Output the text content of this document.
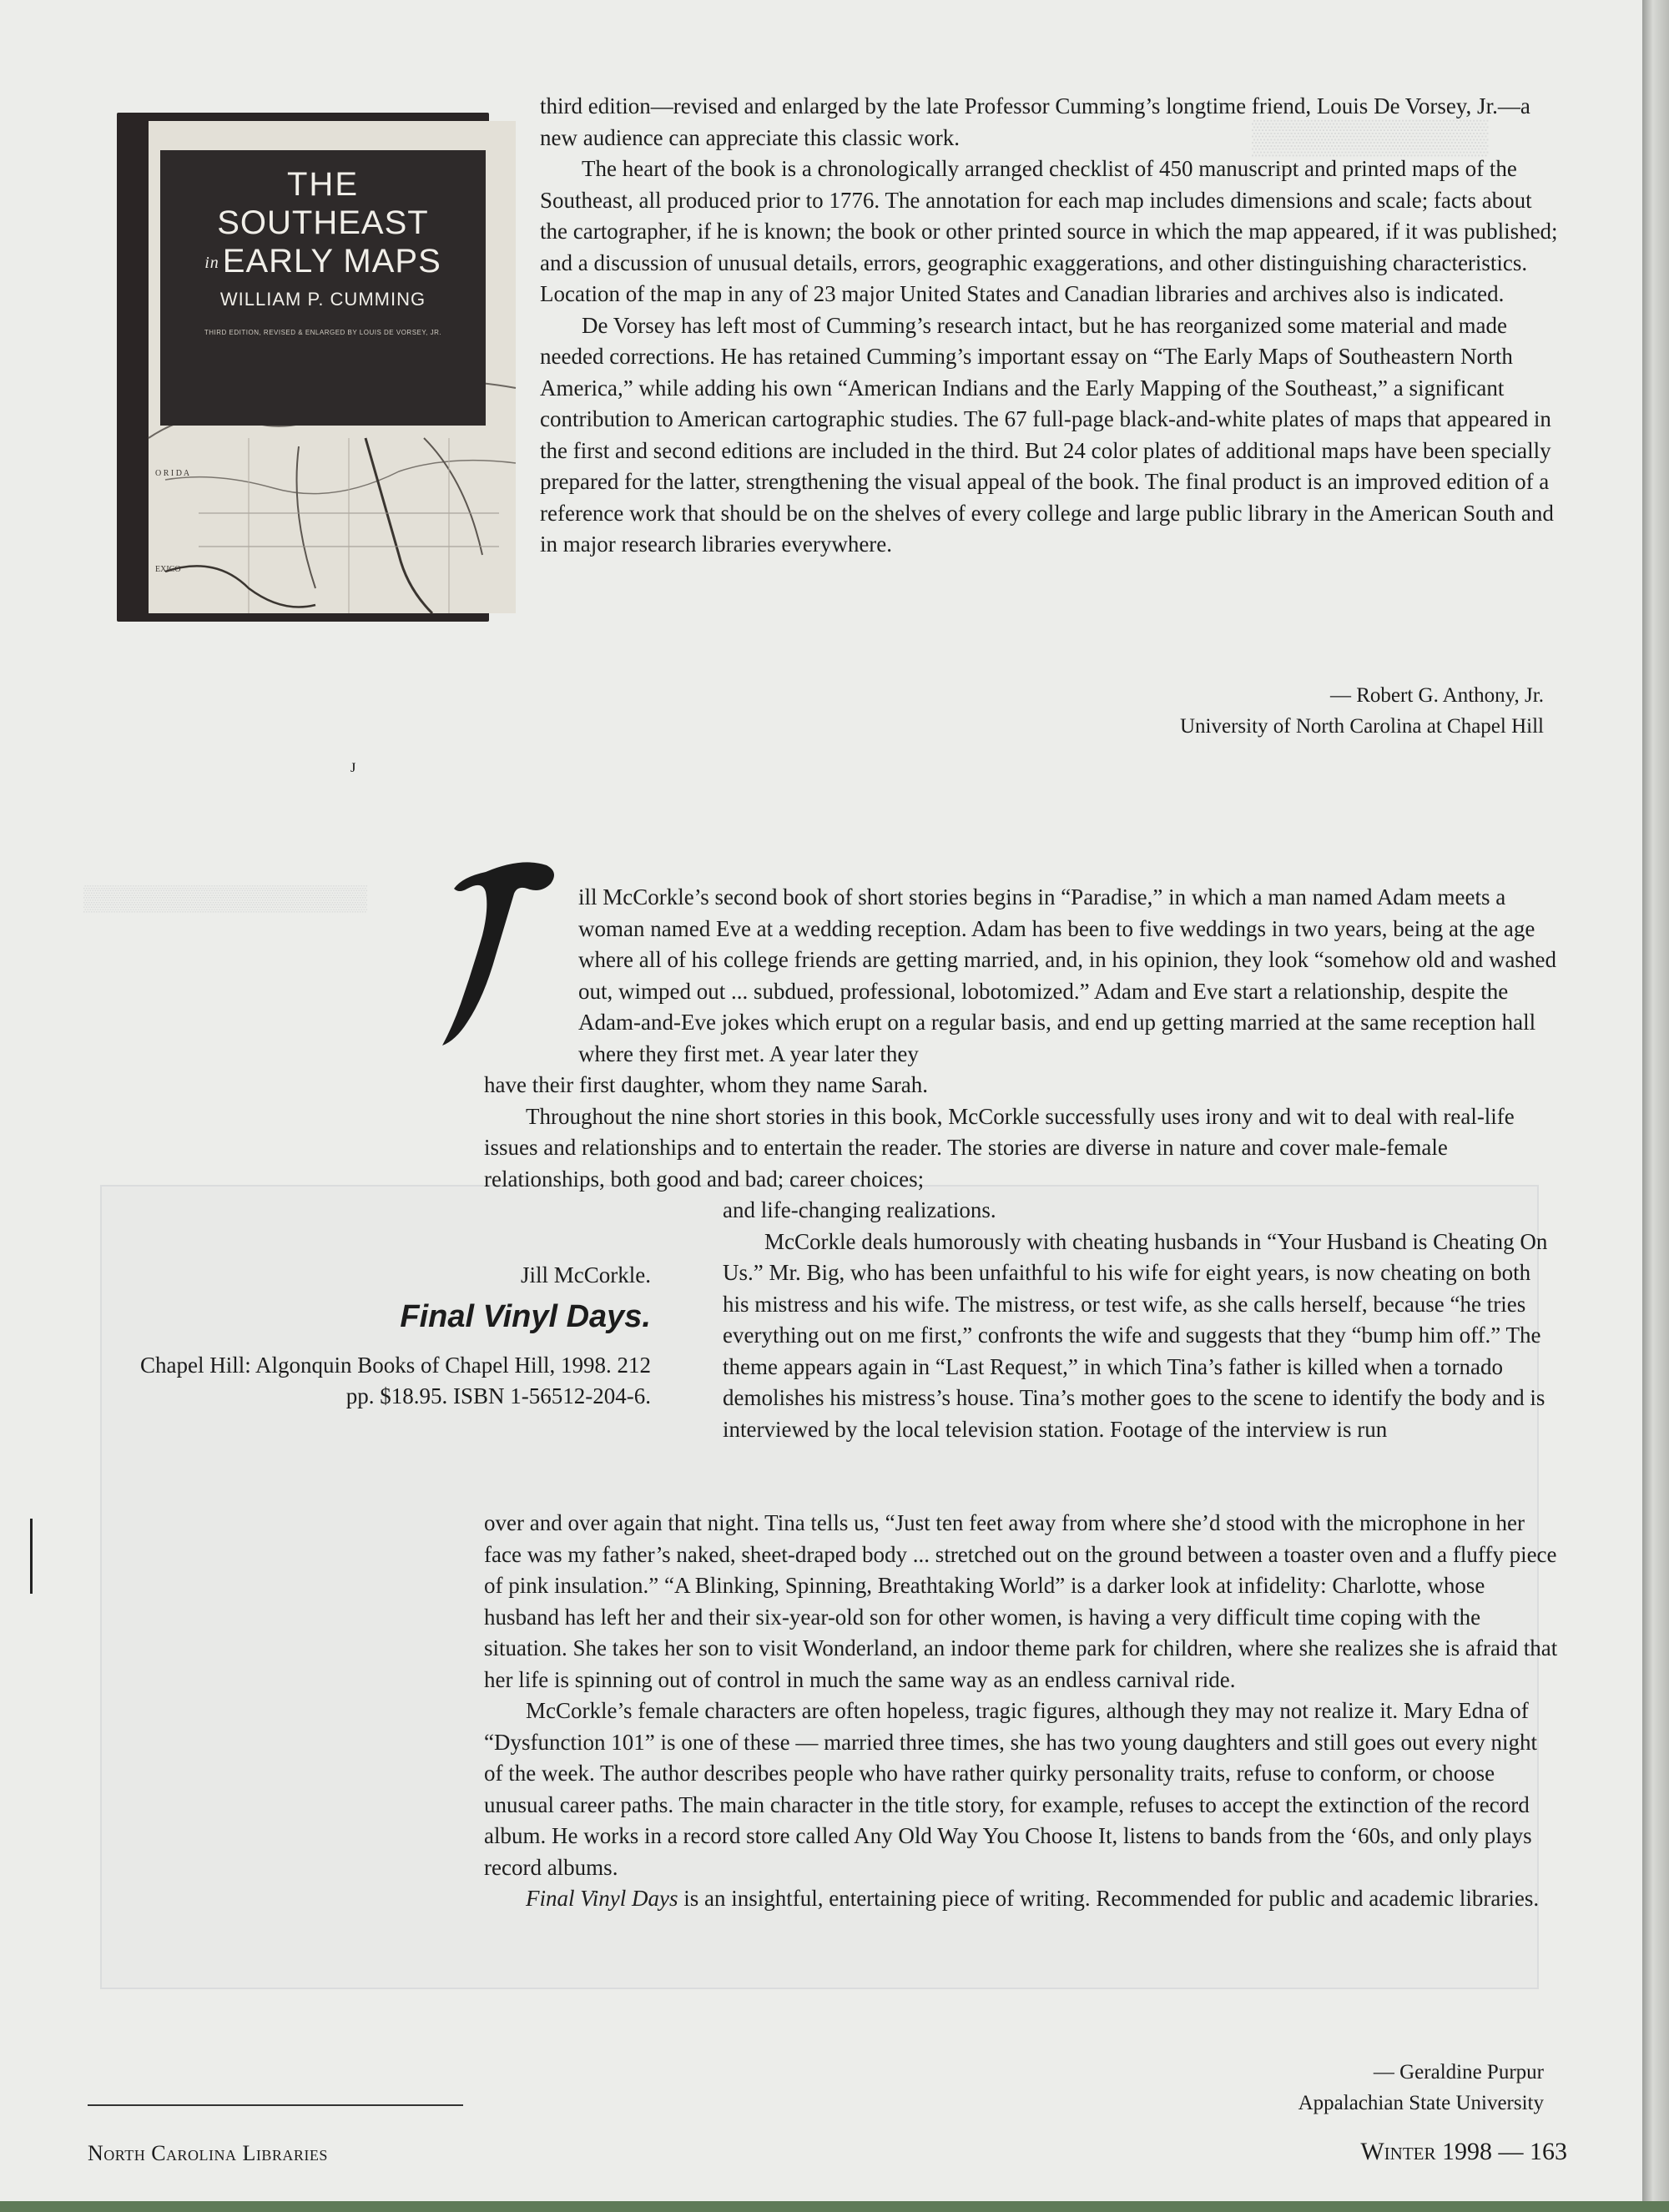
▒▒▒▒▒▒▒▒▒▒
▒▒▒▒▒▒▒▒▒▒▒▒▒▒▒▒
O R I D A
EXICO
THE
SOUTHEAST
in EARLY MAPS
WILLIAM P. CUMMING
THIRD EDITION, REVISED & ENLARGED BY LOUIS DE VORSEY, JR.

third edition—revised and enlarged by the late Professor Cumming’s longtime friend, Louis De Vorsey, Jr.—a new audience can appreciate this classic work.

The heart of the book is a chronologically arranged checklist of 450 manuscript and printed maps of the Southeast, all produced prior to 1776. The annotation for each map includes dimensions and scale; facts about the cartographer, if he is known; the book or other printed source in which the map appeared, if it was published; and a discussion of unusual details, errors, geographic exaggerations, and other distinguishing characteristics. Location of the map in any of 23 major United States and Canadian libraries and archives also is indicated.

De Vorsey has left most of Cumming’s research intact, but he has reorganized some material and made needed corrections. He has retained Cumming’s important essay on “The Early Maps of Southeastern North America,” while adding his own “American Indians and the Early Mapping of the Southeast,” a significant contribution to American cartographic studies. The 67 full-page black-and-white plates of maps that appeared in the first and second editions are included in the third. But 24 color plates of additional maps have been specially prepared for the latter, strengthening the visual appeal of the book. The final product is an improved edition of a reference work that should be on the shelves of every college and large public library in the American South and in major research libraries everywhere.

— Robert G. Anthony, Jr.
University of North Carolina at Chapel Hill
J

ill McCorkle’s second book of short stories begins in “Paradise,” in which a man named Adam meets a woman named Eve at a wedding reception. Adam has been to five weddings in two years, being at the age where all of his college friends are getting married, and, in his opinion, they look “somehow old and washed out, wimped out ... subdued, professional, lobotomized.” Adam and Eve start a relationship, despite the Adam-and-Eve jokes which erupt on a regular basis, and end up getting married at the same reception hall where they first met. A year later they

have their first daughter, whom they name Sarah.

Throughout the nine short stories in this book, McCorkle successfully uses irony and wit to deal with real-life issues and relationships and to entertain the reader. The stories are diverse in nature and cover male-female relationships, both good and bad; career choices;

and life-changing realizations.

McCorkle deals humorously with cheating husbands in “Your Husband is Cheating On Us.” Mr. Big, who has been unfaithful to his wife for eight years, is now cheating on both his mistress and his wife. The mistress, or test wife, as she calls herself, because “he tries everything out on me first,” confronts the wife and suggests that they “bump him off.” The theme appears again in “Last Request,” in which Tina’s father is killed when a tornado demolishes his mistress’s house. Tina’s mother goes to the scene to identify the body and is interviewed by the local television station. Footage of the interview is run

over and over again that night. Tina tells us, “Just ten feet away from where she’d stood with the microphone in her face was my father’s naked, sheet-draped body ... stretched out on the ground between a toaster oven and a fluffy piece of pink insulation.” “A Blinking, Spinning, Breathtaking World” is a darker look at infidelity: Charlotte, whose husband has left her and their six-year-old son for other women, is having a very difficult time coping with the situation. She takes her son to visit Wonderland, an indoor theme park for children, where she realizes she is afraid that her life is spinning out of control in much the same way as an endless carnival ride.

McCorkle’s female characters are often hopeless, tragic figures, although they may not realize it. Mary Edna of “Dysfunction 101” is one of these — married three times, she has two young daughters and still goes out every night of the week. The author describes people who have rather quirky personality traits, refuse to conform, or choose unusual career paths. The main character in the title story, for example, refuses to accept the extinction of the record album. He works in a record store called Any Old Way You Choose It, listens to bands from the ‘60s, and only plays record albums.

Final Vinyl Days is an insightful, entertaining piece of writing. Recommended for public and academic libraries.

— Geraldine Purpur
Appalachian State University
Jill McCorkle.
Final Vinyl Days.
Chapel Hill: Algonquin Books of Chapel Hill, 1998. 212 pp. $18.95. ISBN 1-56512-204-6.
North Carolina Libraries	Winter 1998 — 163
